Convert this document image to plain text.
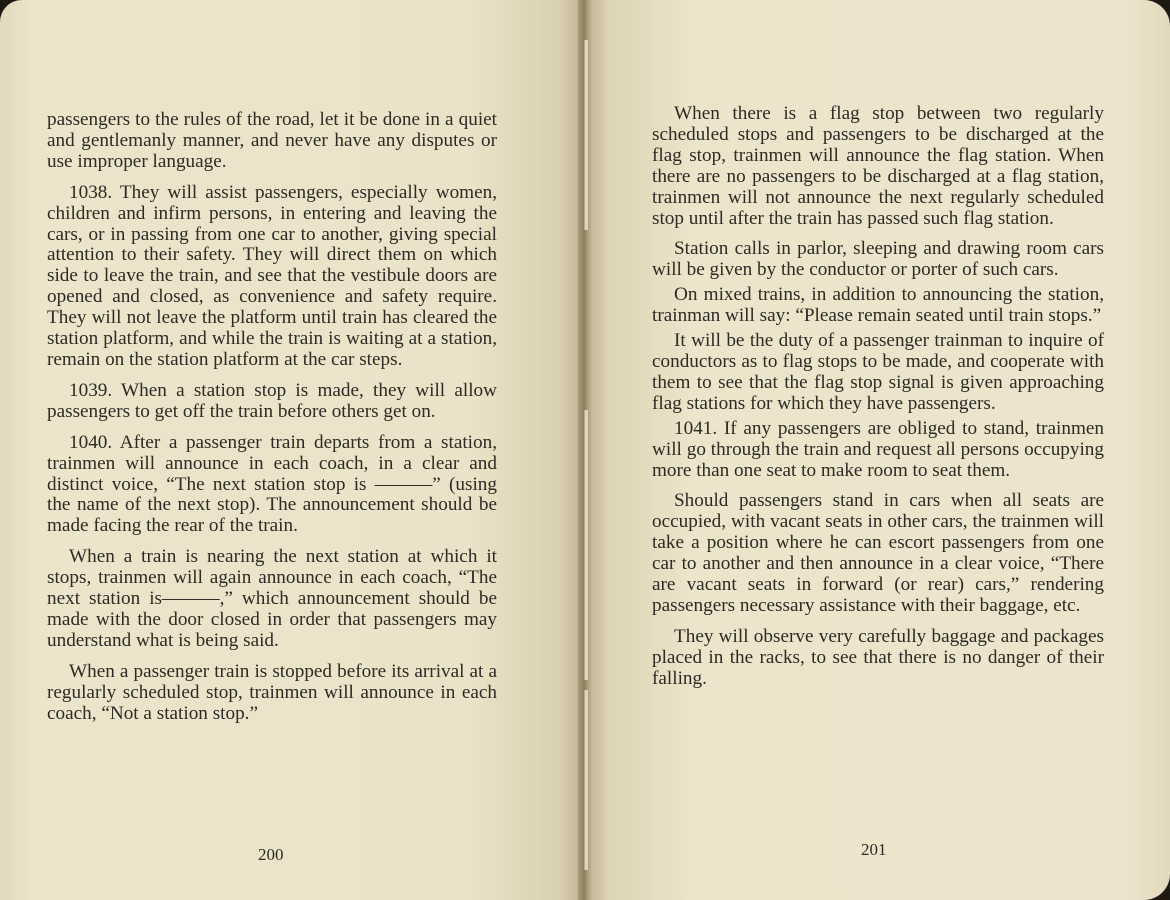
passengers to the rules of the road, let it be done in a quiet and gentlemanly manner, and never have any disputes or use improper language.

1038. They will assist passengers, especially women, children and infirm persons, in entering and leaving the cars, or in passing from one car to another, giving special attention to their safety. They will direct them on which side to leave the train, and see that the vestibule doors are opened and closed, as convenience and safety require. They will not leave the platform until train has cleared the station platform, and while the train is waiting at a station, remain on the station platform at the car steps.

1039. When a station stop is made, they will allow passengers to get off the train before others get on.

1040. After a passenger train departs from a station, trainmen will announce in each coach, in a clear and distinct voice, “The next station stop is ———” (using the name of the next stop). The announcement should be made facing the rear of the train.

When a train is nearing the next station at which it stops, trainmen will again announce in each coach, “The next station is———,” which announcement should be made with the door closed in order that passengers may understand what is being said.

When a passenger train is stopped before its arrival at a regularly scheduled stop, trainmen will announce in each coach, “Not a station stop.”

200

When there is a flag stop between two regularly scheduled stops and passengers to be discharged at the flag stop, trainmen will announce the flag station. When there are no passengers to be discharged at a flag station, trainmen will not announce the next regularly scheduled stop until after the train has passed such flag station.

Station calls in parlor, sleeping and drawing room cars will be given by the conductor or porter of such cars.

On mixed trains, in addition to announcing the station, trainman will say: “Please remain seated until train stops.”

It will be the duty of a passenger trainman to inquire of conductors as to flag stops to be made, and cooperate with them to see that the flag stop signal is given approaching flag stations for which they have passengers.

1041. If any passengers are obliged to stand, trainmen will go through the train and request all persons occupying more than one seat to make room to seat them.

Should passengers stand in cars when all seats are occupied, with vacant seats in other cars, the trainmen will take a position where he can escort passengers from one car to another and then announce in a clear voice, “There are vacant seats in forward (or rear) cars,” rendering passengers necessary assistance with their baggage, etc.

They will observe very carefully baggage and packages placed in the racks, to see that there is no danger of their falling.

201
